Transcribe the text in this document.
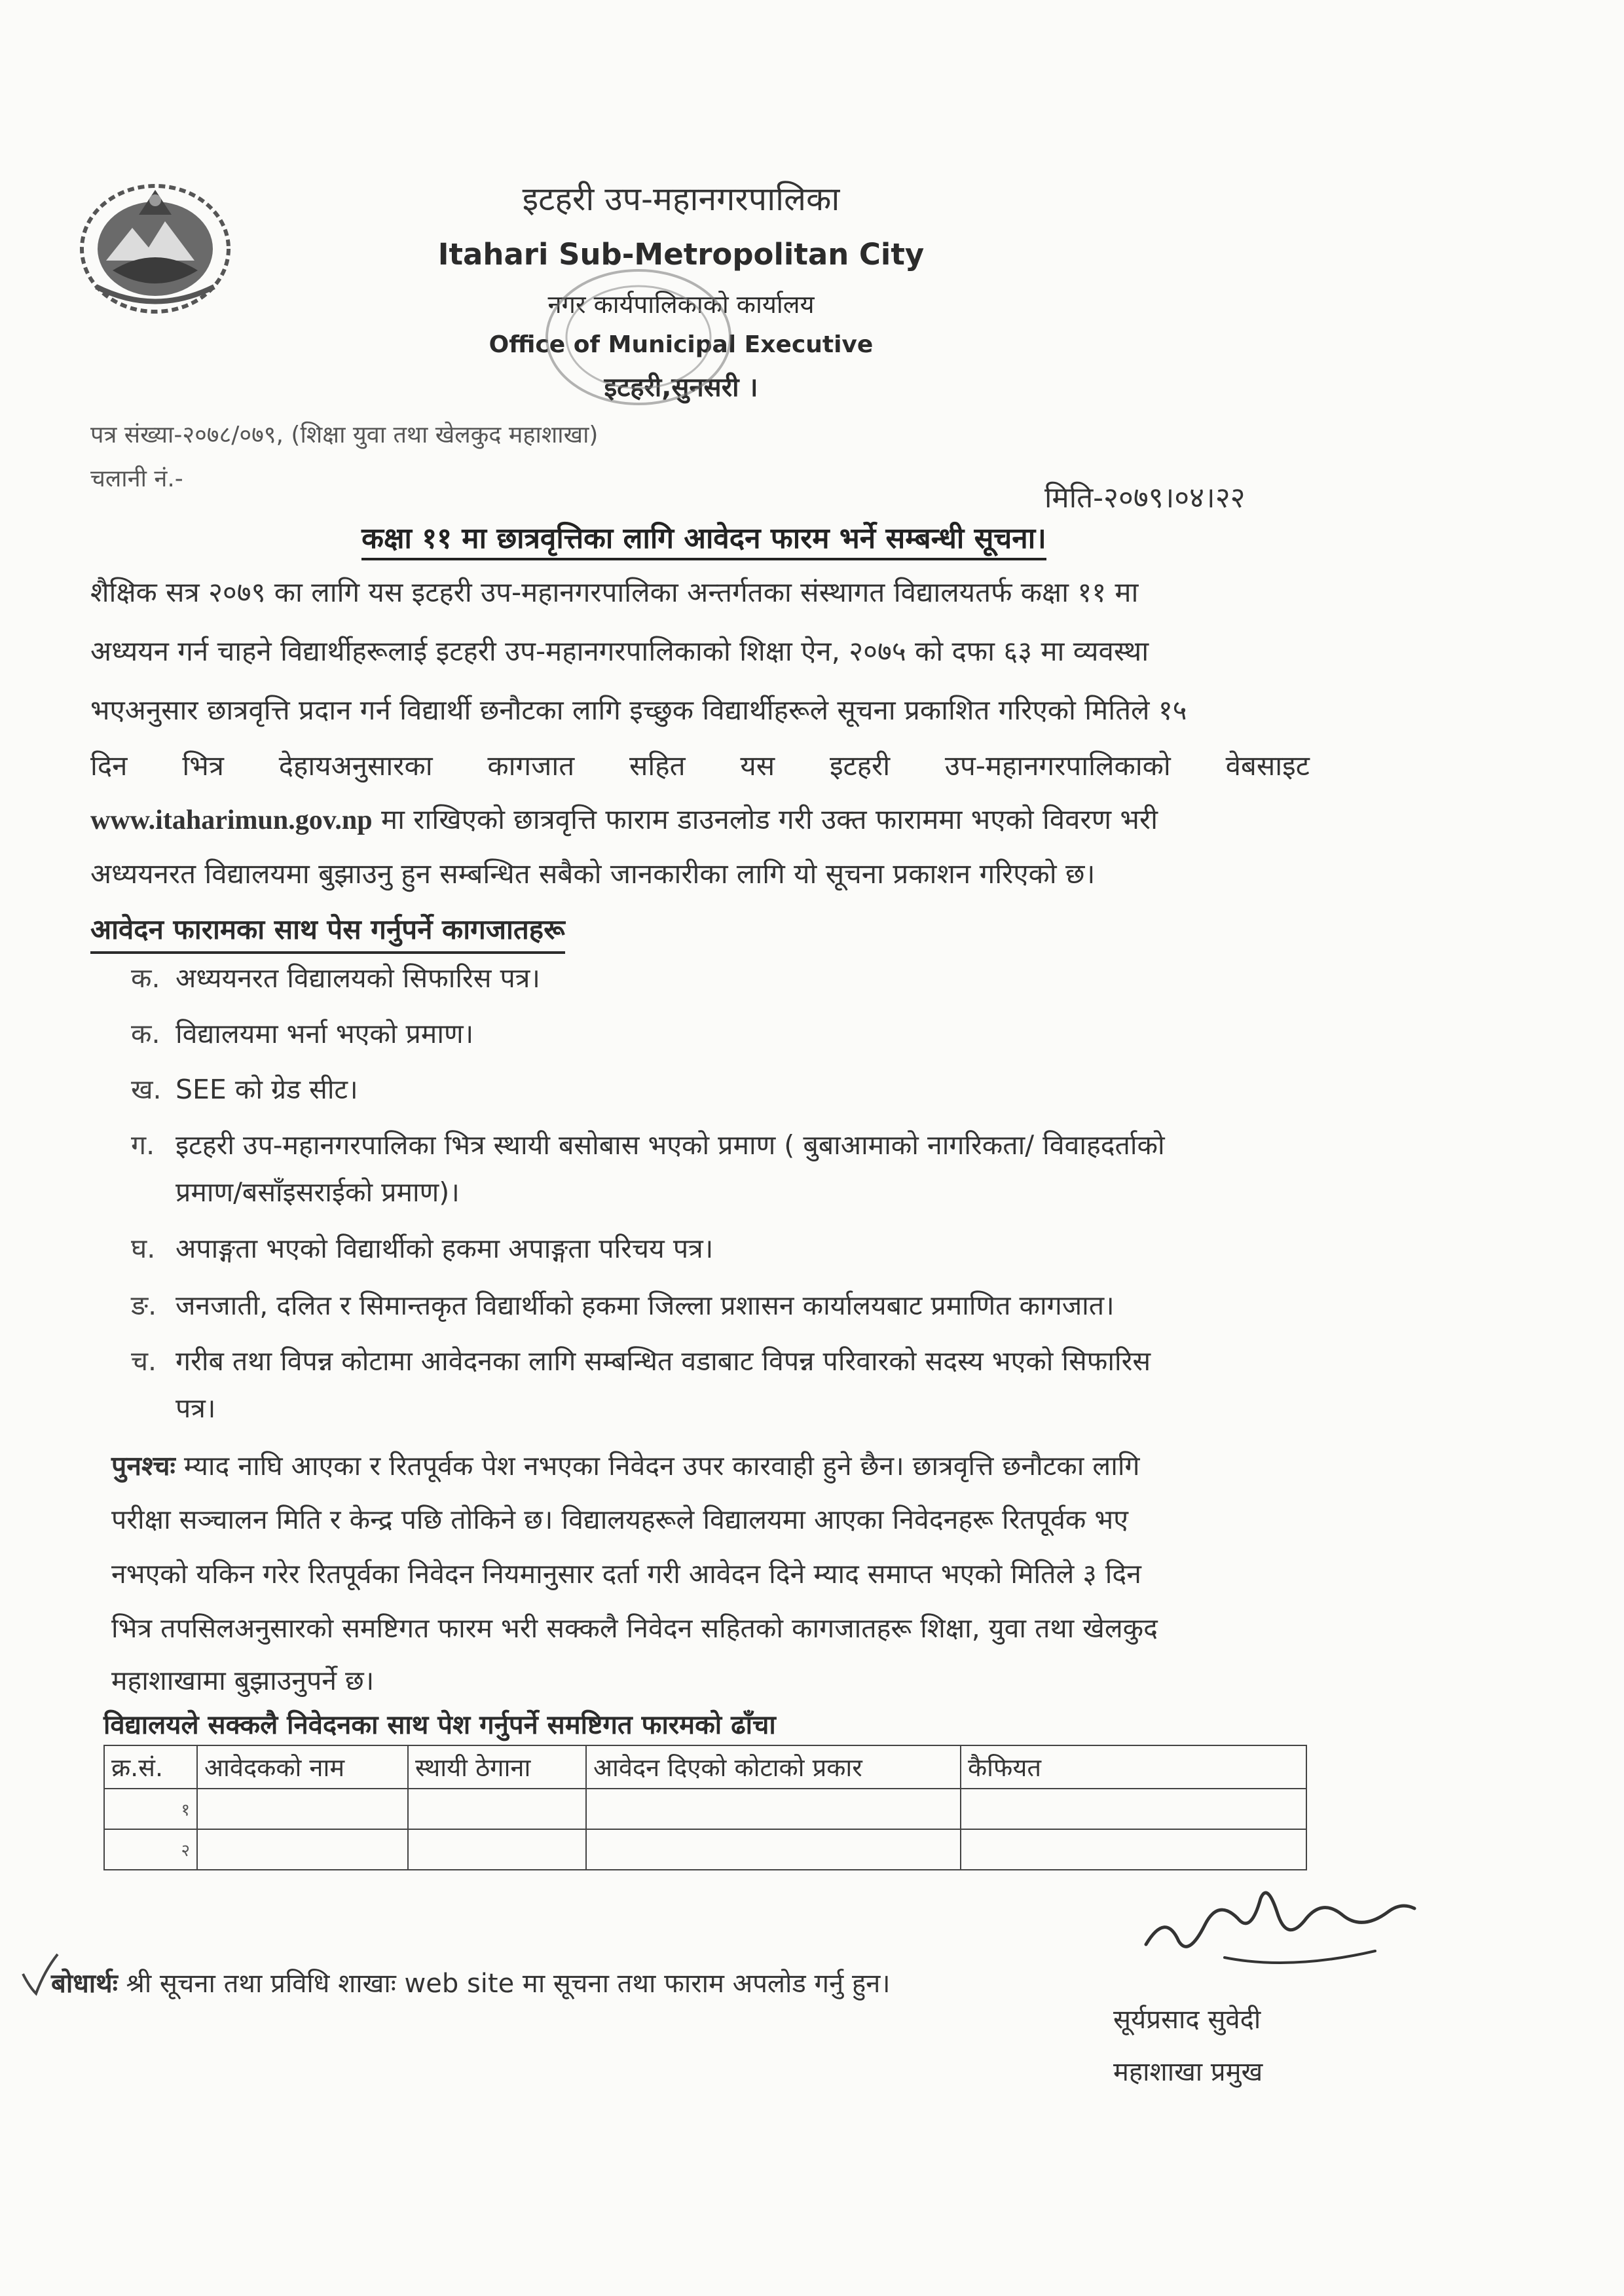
इटहरी उप-महानगरपालिका
Itahari Sub-Metropolitan City
नगर कार्यपालिकाको कार्यालय
Office of Municipal Executive
इटहरी,सुनसरी ।
पत्र संख्या-२०७८/०७९, (शिक्षा युवा तथा खेलकुद महाशाखा)
चलानी नं.-
मिति-२०७९।०४।२२
कक्षा ११ मा छात्रवृत्तिका लागि आवेदन फारम भर्ने सम्बन्धी सूचना।
शैक्षिक सत्र २०७९ का लागि यस इटहरी उप-महानगरपालिका अन्तर्गतका संस्थागत विद्यालयतर्फ कक्षा ११ मा
अध्ययन गर्न चाहने विद्यार्थीहरूलाई इटहरी उप-महानगरपालिकाको शिक्षा ऐन, २०७५ को दफा ६३ मा व्यवस्था
भएअनुसार छात्रवृत्ति प्रदान गर्न विद्यार्थी छनौटका लागि इच्छुक विद्यार्थीहरूले सूचना प्रकाशित गरिएको मितिले १५
दिन भित्र देहायअनुसारका कागजात सहित यस इटहरी उप-महानगरपालिकाको वेबसाइट
www.itaharimun.gov.np मा राखिएको छात्रवृत्ति फाराम डाउनलोड गरी उक्त फाराममा भएको विवरण भरी
अध्ययनरत विद्यालयमा बुझाउनु हुन सम्बन्धित सबैको जानकारीका लागि यो सूचना प्रकाशन गरिएको छ।
आवेदन फारामका साथ पेस गर्नुपर्ने कागजातहरू
क. अध्ययनरत विद्यालयको सिफारिस पत्र।
क. विद्यालयमा भर्ना भएको प्रमाण।
ख. SEE को ग्रेड सीट।
ग. इटहरी उप-महानगरपालिका भित्र स्थायी बसोबास भएको प्रमाण ( बुबाआमाको नागरिकता/ विवाहदर्ताको
प्रमाण/बसाँइसराईको प्रमाण)।
घ. अपाङ्गता भएको विद्यार्थीको हकमा अपाङ्गता परिचय पत्र।
ङ. जनजाती, दलित र सिमान्तकृत विद्यार्थीको हकमा जिल्ला प्रशासन कार्यालयबाट प्रमाणित कागजात।
च. गरीब तथा विपन्न कोटामा आवेदनका लागि सम्बन्धित वडाबाट विपन्न परिवारको सदस्य भएको सिफारिस
पत्र।
पुनश्चः म्याद नाघि आएका र रितपूर्वक पेश नभएका निवेदन उपर कारवाही हुने छैन। छात्रवृत्ति छनौटका लागि
परीक्षा सञ्चालन मिति र केन्द्र पछि तोकिने छ। विद्यालयहरूले विद्यालयमा आएका निवेदनहरू रितपूर्वक भए
नभएको यकिन गरेर रितपूर्वका निवेदन नियमानुसार दर्ता गरी आवेदन दिने म्याद समाप्त भएको मितिले ३ दिन
भित्र तपसिलअनुसारको समष्टिगत फारम भरी सक्कलै निवेदन सहितको कागजातहरू शिक्षा, युवा तथा खेलकुद
महाशाखामा बुझाउनुपर्ने छ।
विद्यालयले सक्कलै निवेदनका साथ पेश गर्नुपर्ने समष्टिगत फारमको ढाँचा
क्र.सं.	आवेदकको नाम	स्थायी ठेगाना	आवेदन दिएको कोटाको प्रकार	कैफियत
१				
२				
बोधार्थः श्री सूचना तथा प्रविधि शाखाः web site मा सूचना तथा फाराम अपलोड गर्नु हुन।
सूर्यप्रसाद सुवेदी
महाशाखा प्रमुख
